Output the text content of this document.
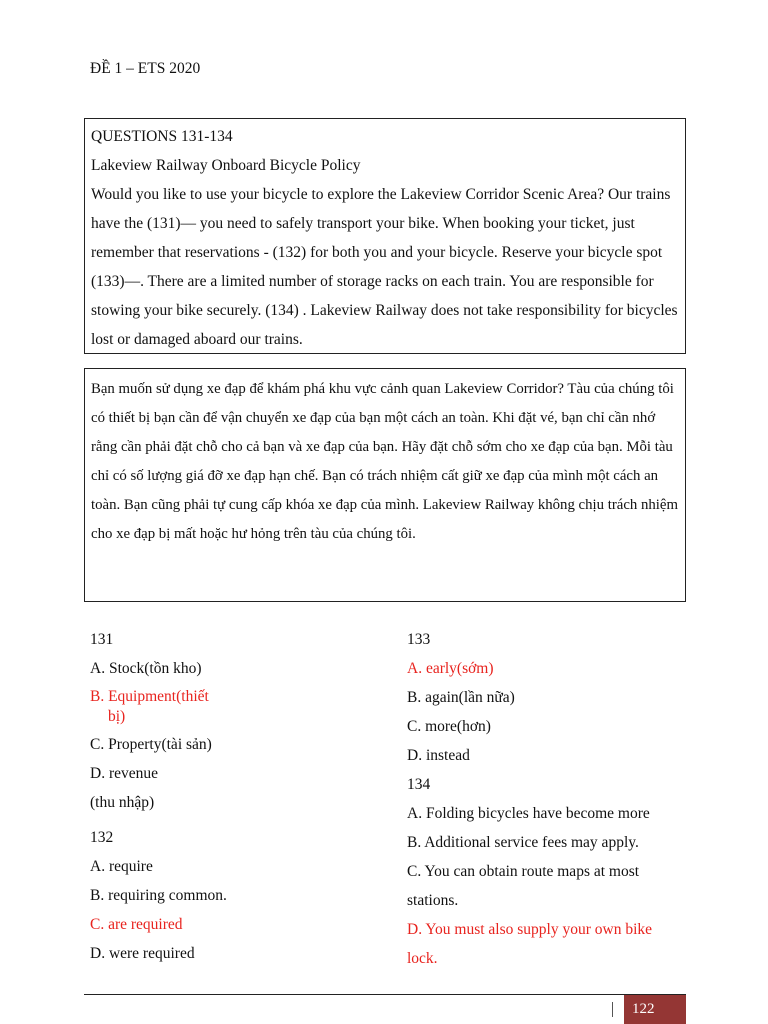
ĐỀ 1 – ETS 2020

QUESTIONS 131-134

Lakeview Railway Onboard Bicycle Policy

Would you like to use your bicycle to explore the Lakeview Corridor Scenic Area? Our trains have the (131)— you need to safely transport your bike. When booking your ticket, just remember that reservations - (132) for both you and your bicycle. Reserve your bicycle spot (133)—. There are a limited number of storage racks on each train. You are responsible for stowing your bike securely. (134) . Lakeview Railway does not take responsibility for bicycles lost or damaged aboard our trains.

Bạn muốn sử dụng xe đạp để khám phá khu vực cảnh quan Lakeview Corridor? Tàu của chúng tôi có thiết bị bạn cần để vận chuyển xe đạp của bạn một cách an toàn. Khi đặt vé, bạn chỉ cần nhớ rằng cần phải đặt chỗ cho cả bạn và xe đạp của bạn. Hãy đặt chỗ sớm cho xe đạp của bạn. Mỗi tàu chỉ có số lượng giá đỡ xe đạp hạn chế. Bạn có trách nhiệm cất giữ xe đạp của mình một cách an toàn. Bạn cũng phải tự cung cấp khóa xe đạp của mình. Lakeview Railway không chịu trách nhiệm cho xe đạp bị mất hoặc hư hỏng trên tàu của chúng tôi.

131
A. Stock(tồn kho)
B. Equipment(thiết
bị)
C. Property(tài sản)
D. revenue
(thu nhập)
132
A. require
B. requiring common.
C. are required
D. were required
133
A. early(sớm)
B. again(lần nữa)
C. more(hơn)
D. instead
134
A. Folding bicycles have become more
B. Additional service fees may apply.
C. You can obtain route maps at most
stations.
D. You must also supply your own bike
lock.
122
